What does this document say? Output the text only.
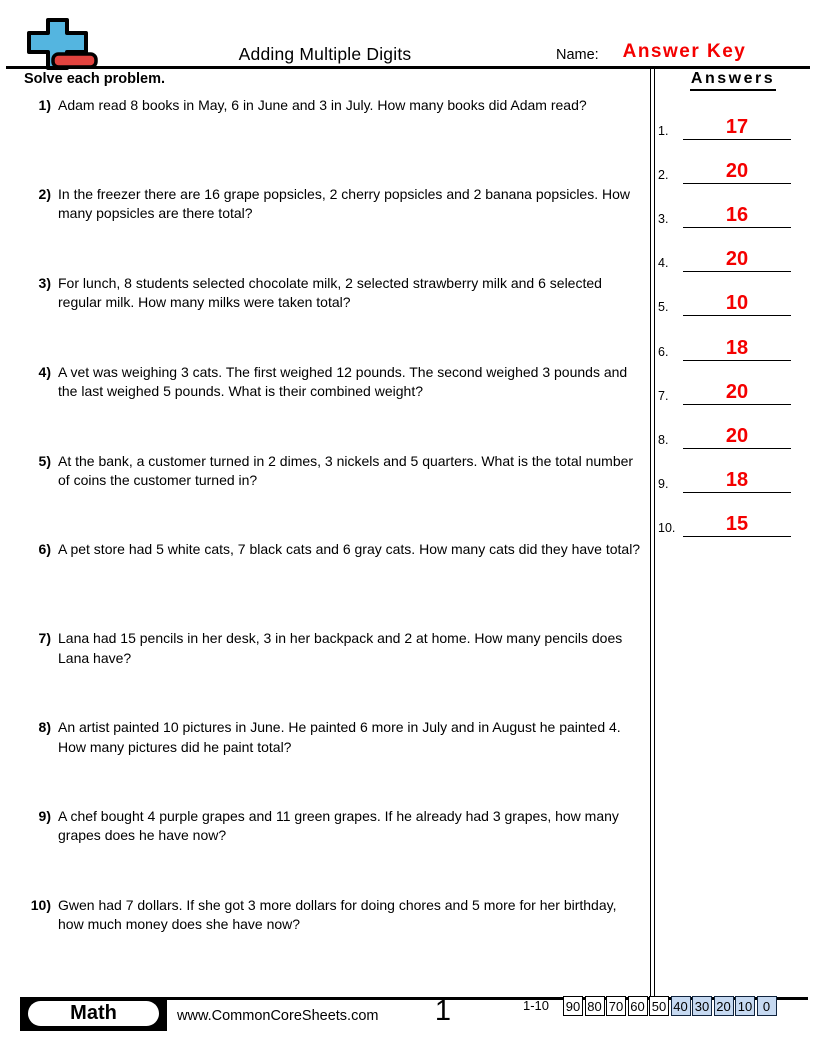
Adding Multiple Digits	Name:	Answer Key
Solve each problem.	Answers
1.	17
2.	20
3.	16
4.	20
5.	10
6.	18
7.	20
8.	20
9.	18
10.	15
1) Adam read 8 books in May, 6 in June and 3 in July. How many books did Adam read?
2) In the freezer there are 16 grape popsicles, 2 cherry popsicles and 2 banana popsicles. How many popsicles are there total?
3) For lunch, 8 students selected chocolate milk, 2 selected strawberry milk and 6 selected regular milk. How many milks were taken total?
4) A vet was weighing 3 cats. The first weighed 12 pounds. The second weighed 3 pounds and the last weighed 5 pounds. What is their combined weight?
5) At the bank, a customer turned in 2 dimes, 3 nickels and 5 quarters. What is the total number of coins the customer turned in?
6) A pet store had 5 white cats, 7 black cats and 6 gray cats. How many cats did they have total?
7) Lana had 15 pencils in her desk, 3 in her backpack and 2 at home. How many pencils does Lana have?
8) An artist painted 10 pictures in June. He painted 6 more in July and in August he painted 4. How many pictures did he paint total?
9) A chef bought 4 purple grapes and 11 green grapes. If he already had 3 grapes, how many grapes does he have now?
10) Gwen had 7 dollars. If she got 3 more dollars for doing chores and 5 more for her birthday, how much money does she have now?
Math	www.CommonCoreSheets.com	1	1-10 90 80 70 60 50 40 30 20 10 0
